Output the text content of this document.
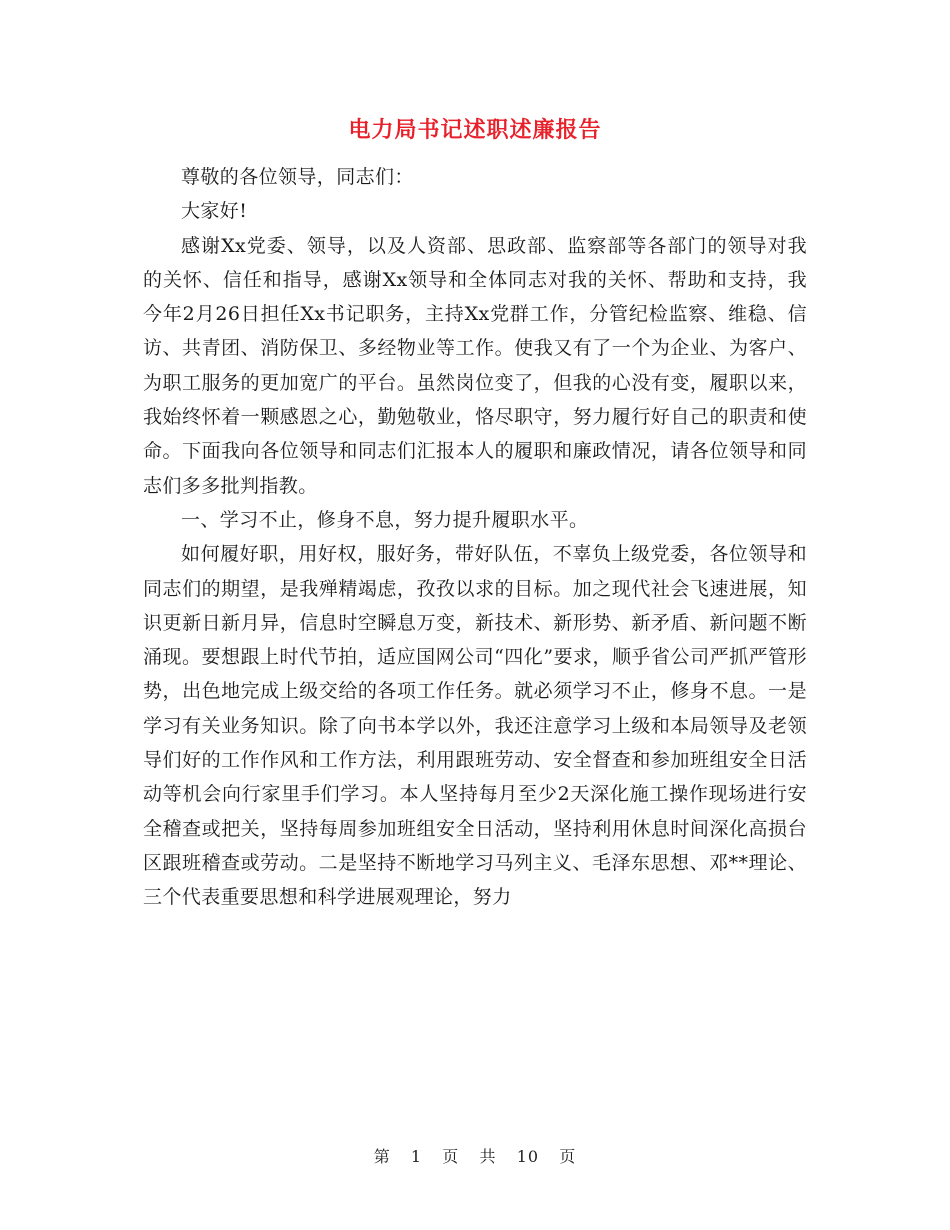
电力局书记述职述廉报告

尊敬的各位领导，同志们：

大家好!

感谢Xx党委、领导，以及人资部、思政部、监察部等各部门的领导对我的关怀、信任和指导，感谢Xx领导和全体同志对我的关怀、帮助和支持，我今年2月26日担任Xx书记职务，主持Xx党群工作，分管纪检监察、维稳、信访、共青团、消防保卫、多经物业等工作。使我又有了一个为企业、为客户、为职工服务的更加宽广的平台。虽然岗位变了，但我的心没有变，履职以来，我始终怀着一颗感恩之心，勤勉敬业，恪尽职守，努力履行好自己的职责和使命。下面我向各位领导和同志们汇报本人的履职和廉政情况，请各位领导和同志们多多批判指教。

一、学习不止，修身不息，努力提升履职水平。

如何履好职，用好权，服好务，带好队伍，不辜负上级党委，各位领导和同志们的期望，是我殚精竭虑，孜孜以求的目标。加之现代社会飞速进展，知识更新日新月异，信息时空瞬息万变，新技术、新形势、新矛盾、新问题不断涌现。要想跟上时代节拍，适应国网公司“四化”要求，顺乎省公司严抓严管形势，出色地完成上级交给的各项工作任务。就必须学习不止，修身不息。一是学习有关业务知识。除了向书本学以外，我还注意学习上级和本局领导及老领导们好的工作作风和工作方法，利用跟班劳动、安全督查和参加班组安全日活动等机会向行家里手们学习。本人坚持每月至少2天深化施工操作现场进行安全稽查或把关，坚持每周参加班组安全日活动，坚持利用休息时间深化高损台区跟班稽查或劳动。二是坚持不断地学习马列主义、毛泽东思想、邓**理论、三个代表重要思想和科学进展观理论，努力

第 1 页 共 10 页
